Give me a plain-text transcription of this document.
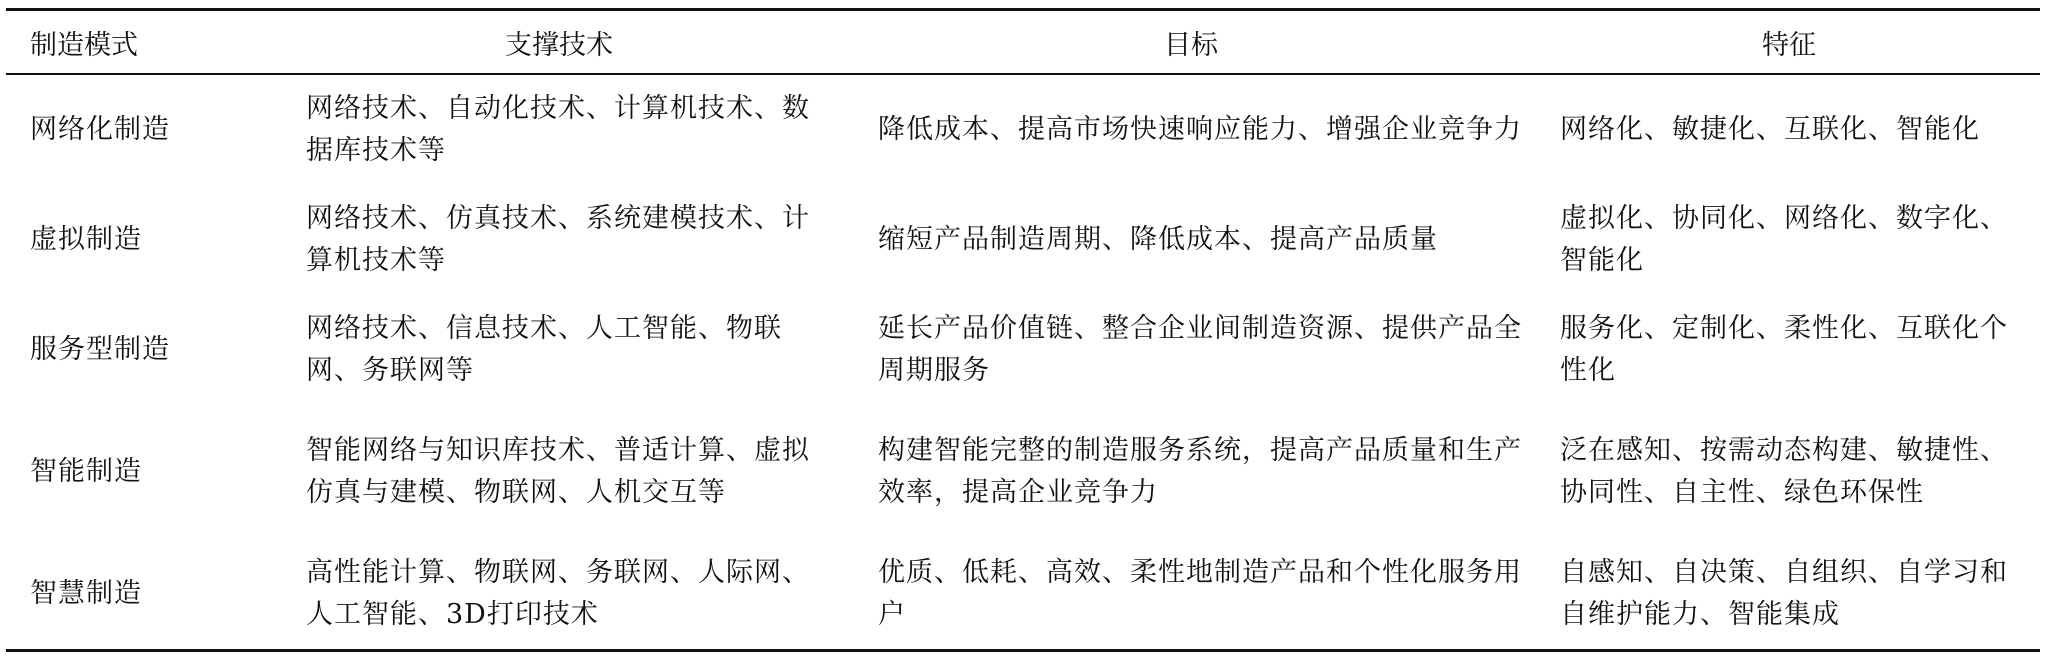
制造模式	支撑技术	目标	特征
网络化制造	网络技术、自动化技术、计算机技术、数据库技术等	降低成本、提高市场快速响应能力、增强企业竞争力	网络化、敏捷化、互联化、智能化
虚拟制造	网络技术、仿真技术、系统建模技术、计算机技术等	缩短产品制造周期、降低成本、提高产品质量	虚拟化、协同化、网络化、数字化、智能化
服务型制造	网络技术、信息技术、人工智能、物联网、务联网等	延长产品价值链、整合企业间制造资源、提供产品全周期服务	服务化、定制化、柔性化、互联化个性化
智能制造	智能网络与知识库技术、普适计算、虚拟仿真与建模、物联网、人机交互等	构建智能完整的制造服务系统，提高产品质量和生产效率，提高企业竞争力	泛在感知、按需动态构建、敏捷性、协同性、自主性、绿色环保性
智慧制造	高性能计算、物联网、务联网、人际网、人工智能、3D打印技术	优质、低耗、高效、柔性地制造产品和个性化服务用户	自感知、自决策、自组织、自学习和自维护能力、智能集成
